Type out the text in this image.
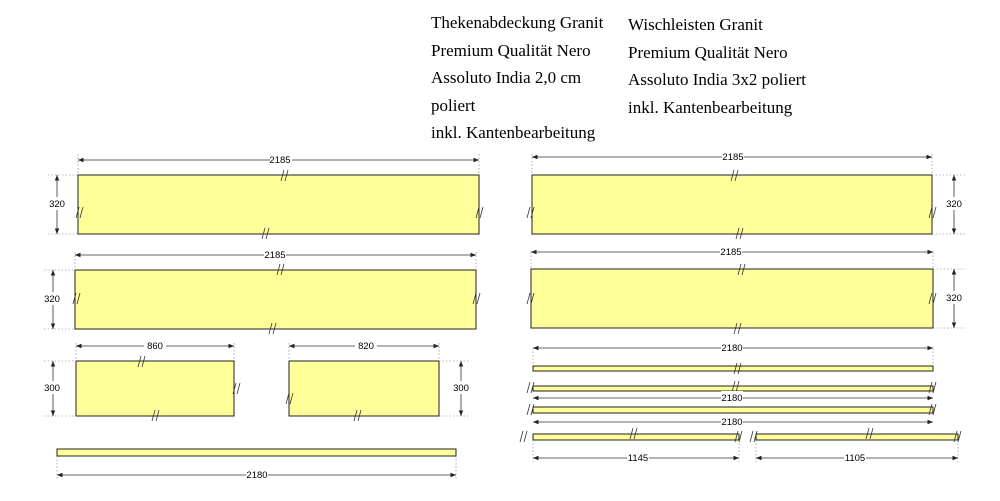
Thekenabdeckung Granit
Premium Qualität Nero
Assoluto India 2,0 cm
poliert
inkl. Kantenbearbeitung
Wischleisten Granit
Premium Qualität Nero
Assoluto India 3x2 poliert
inkl. Kantenbearbeitung
2185
320
2185
320
860
300
820
300
2180
2185
320
2185
320
2180
2180
2180
1145	1105
